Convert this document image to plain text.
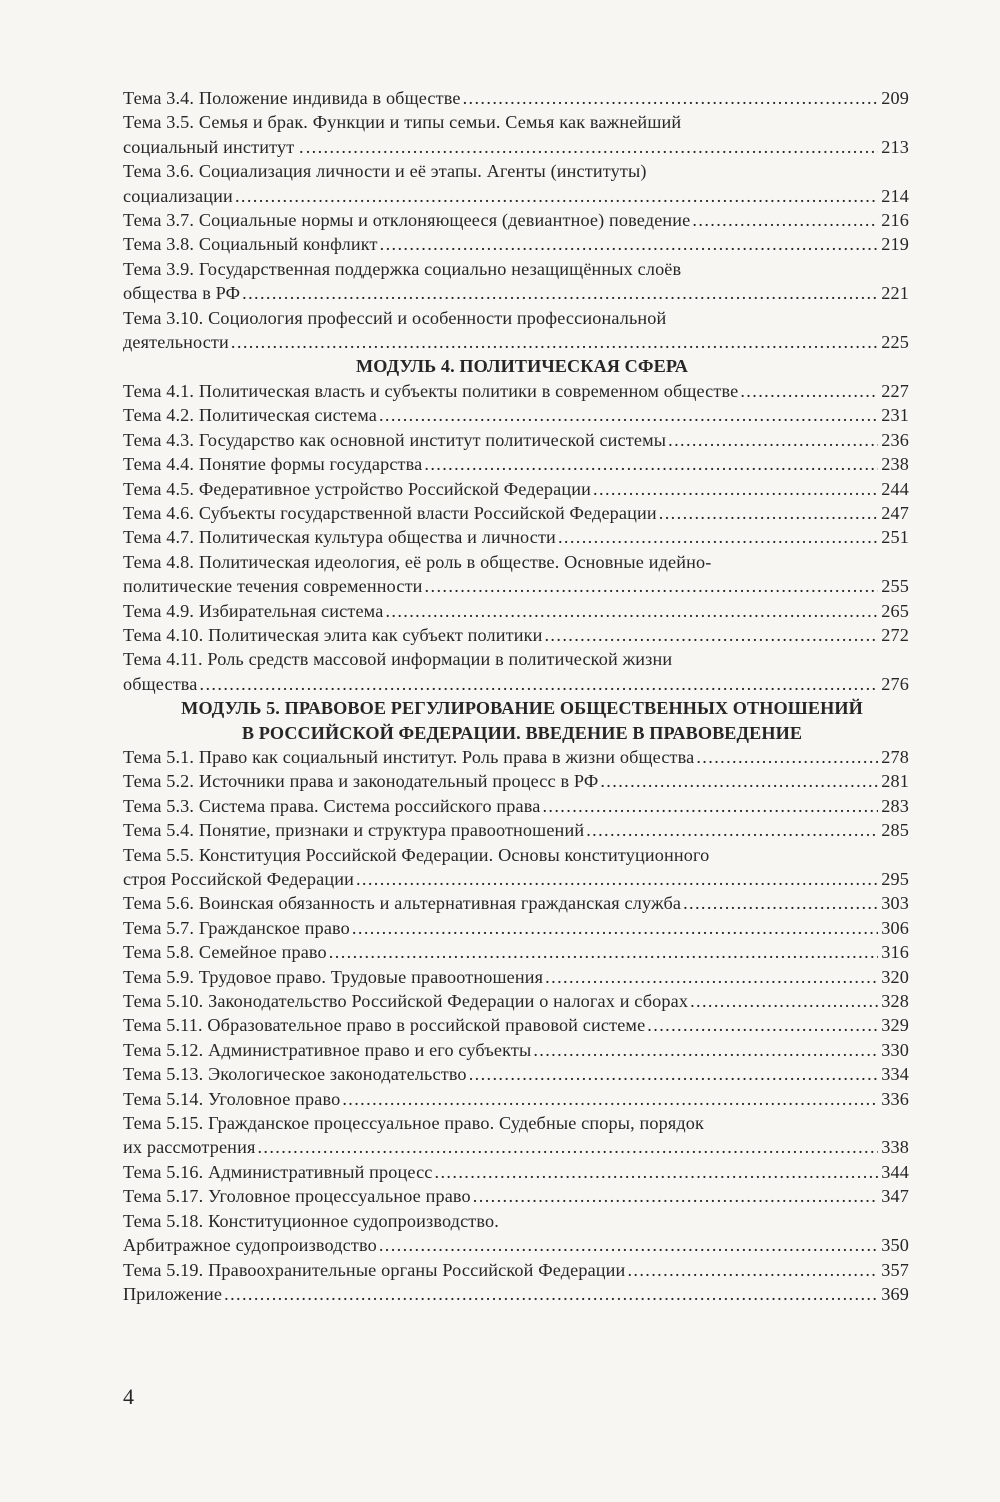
Тема 3.4. Положение индивида в обществе .....	209
Тема 3.5. Семья и брак. Функции и типы семьи. Семья как важнейший
социальный институт . .....	213
Тема 3.6. Социализация личности и её этапы. Агенты (институты)
социализации .....	214
Тема 3.7. Социальные нормы и отклоняющееся (девиантное) поведение .....	216
Тема 3.8. Социальный конфликт .....	219
Тема 3.9. Государственная поддержка социально незащищённых слоёв
общества в РФ .....	221
Тема 3.10. Социология профессий и особенности профессиональной
деятельности .....	225
МОДУЛЬ 4. ПОЛИТИЧЕСКАЯ СФЕРА
Тема 4.1. Политическая власть и субъекты политики в современном обществе .....	227
Тема 4.2. Политическая система .....	231
Тема 4.3. Государство как основной институт политической системы .....	236
Тема 4.4. Понятие формы государства .....	238
Тема 4.5. Федеративное устройство Российской Федерации .....	244
Тема 4.6. Субъекты государственной власти Российской Федерации .....	247
Тема 4.7. Политическая культура общества и личности .....	251
Тема 4.8. Политическая идеология, её роль в обществе. Основные идейно-
политические течения современности .....	255
Тема 4.9. Избирательная система .....	265
Тема 4.10. Политическая элита как субъект политики .....	272
Тема 4.11. Роль средств массовой информации в политической жизни
общества .....	276
МОДУЛЬ 5. ПРАВОВОЕ РЕГУЛИРОВАНИЕ ОБЩЕСТВЕННЫХ ОТНОШЕНИЙ
В РОССИЙСКОЙ ФЕДЕРАЦИИ. ВВЕДЕНИЕ В ПРАВОВЕДЕНИЕ
Тема 5.1. Право как социальный институт. Роль права в жизни общества .....	278
Тема 5.2. Источники права и законодательный процесс в РФ .....	281
Тема 5.3. Система права. Система российского права .....	283
Тема 5.4. Понятие, признаки и структура правоотношений .....	285
Тема 5.5. Конституция Российской Федерации. Основы конституционного
строя Российской Федерации .....	295
Тема 5.6. Воинская обязанность и альтернативная гражданская служба .....	303
Тема 5.7. Гражданское право .....	306
Тема 5.8. Семейное право .....	316
Тема 5.9. Трудовое право. Трудовые правоотношения .....	320
Тема 5.10. Законодательство Российской Федерации о налогах и сборах .....	328
Тема 5.11. Образовательное право в российской правовой системе .....	329
Тема 5.12. Административное право и его субъекты .....	330
Тема 5.13. Экологическое законодательство .....	334
Тема 5.14. Уголовное право .....	336
Тема 5.15. Гражданское процессуальное право. Судебные споры, порядок
их рассмотрения .....	338
Тема 5.16. Административный процесс .....	344
Тема 5.17. Уголовное процессуальное право .....	347
Тема 5.18. Конституционное судопроизводство.
Арбитражное судопроизводство .....	350
Тема 5.19. Правоохранительные органы Российской Федерации .....	357
Приложение .....	369
4
